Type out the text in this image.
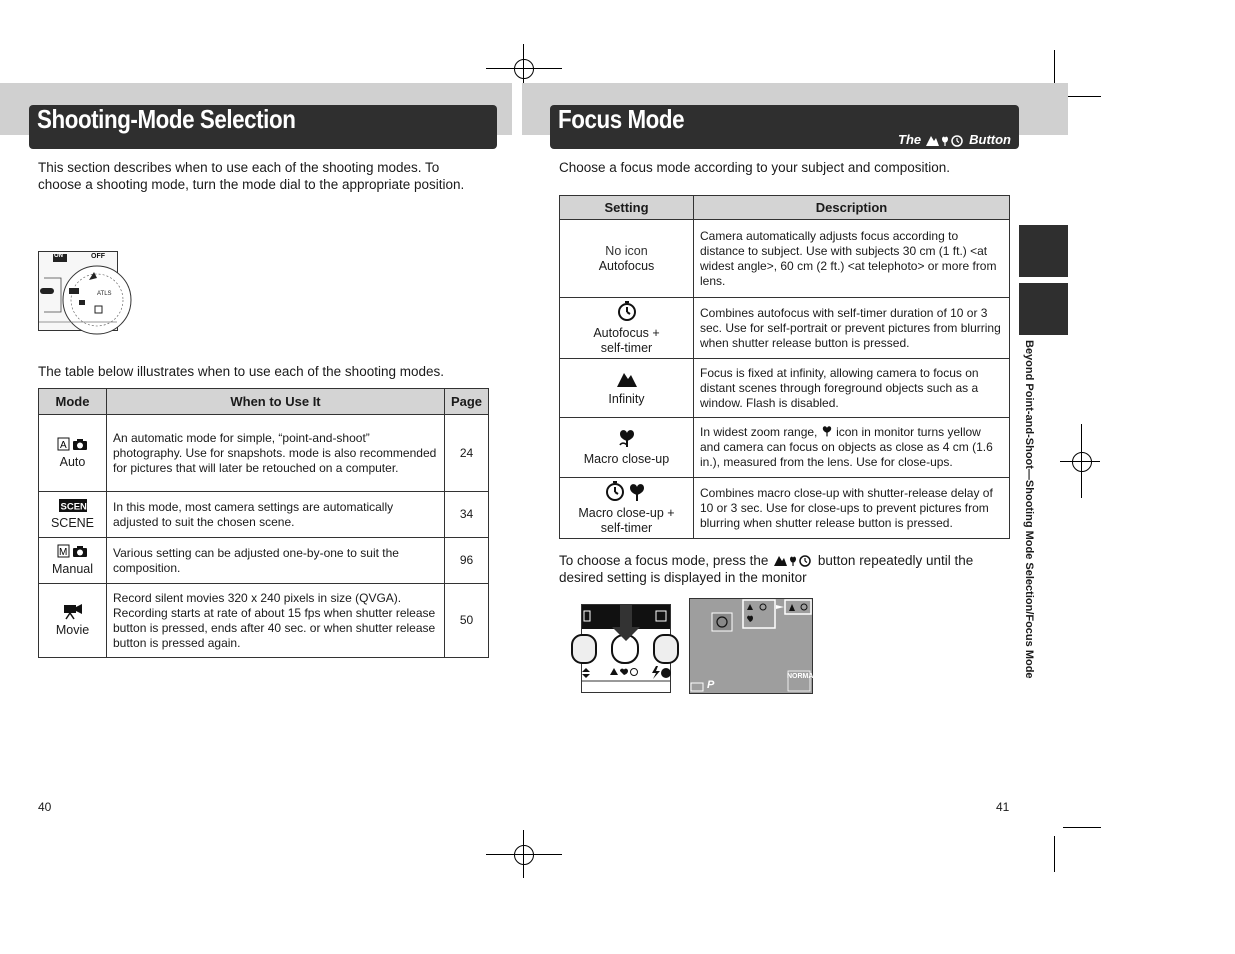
Shooting-Mode Selection
This section describes when to use each of the shooting modes. To choose a shooting mode, turn the mode dial to the appropriate position.
ATLS
ON	OFF
The table below illustrates when to use each of the shooting modes.
Mode	When to Use It	Page

A
Auto	An automatic mode for simple, “point-and-shoot” photography. Use for snapshots. mode is also recommended for pictures that will later be retouched on a computer.	24

SCENE
SCENE	In this mode, most camera settings are automatically adjusted to suit the chosen scene.	34

M
Manual	Various setting can be adjusted one-by-one to suit the composition.	96

Movie	Record silent movies 320 x 240 pixels in size (QVGA). Recording starts at rate of about 15 fps when shutter release button is pressed, ends after 40 sec. or when shutter release button is pressed again.	50
40
Focus Mode
The	Button
Choose a focus mode according to your subject and composition.
Setting	Description

No icon
Autofocus	Camera automatically adjusts focus according to distance to subject. Use with subjects 30 cm (1 ft.) <at widest angle>, 60 cm (2 ft.) <at telephoto> or more from lens.

Autofocus +
self-timer	Combines autofocus with self-timer duration of 10 or 3 sec. Use for self-portrait or prevent pictures from blurring when shutter release button is pressed.

Infinity	Focus is fixed at infinity, allowing camera to focus on distant scenes through foreground objects such as a window. Flash is disabled.

Macro close-up	In widest zoom range, icon in monitor turns yellow and camera can focus on objects as close as 4 cm (1.6 in.), measured from the lens. Use for close-ups.

Macro close-up +
self-timer	Combines macro close-up with shutter-release delay of 10 or 3 sec. Use for close-ups to prevent pictures from blurring when shutter release button is pressed.
To choose a focus mode, press the	button repeatedly until the desired setting is displayed in the monitor
P
NORMAL	Beyond Point-and-Shoot—Shooting Mode Selection/Focus Mode
41
